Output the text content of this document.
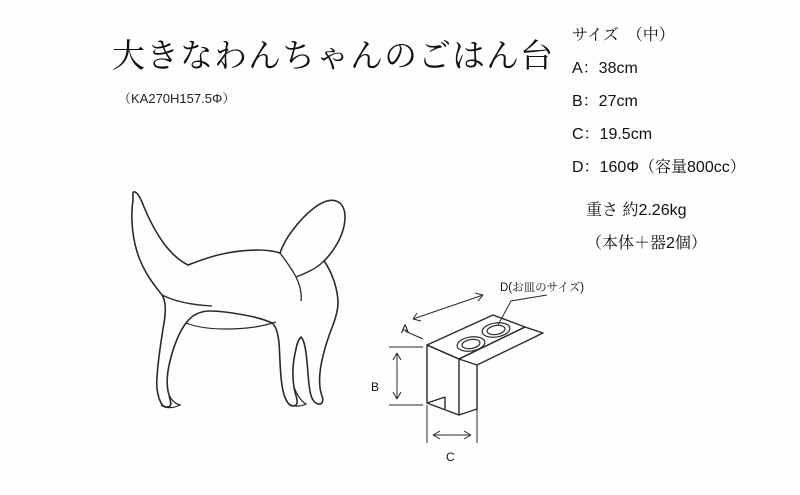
大きなわんちゃんのごはん台
（KA270H157.5Φ）
サイズ　（中）
A：38cm
B：27cm
C：19.5cm
D：160Φ（容量800cc）
重さ 約2.26kg
（本体＋器2個）
A
B
C
D(お皿のサイズ)
